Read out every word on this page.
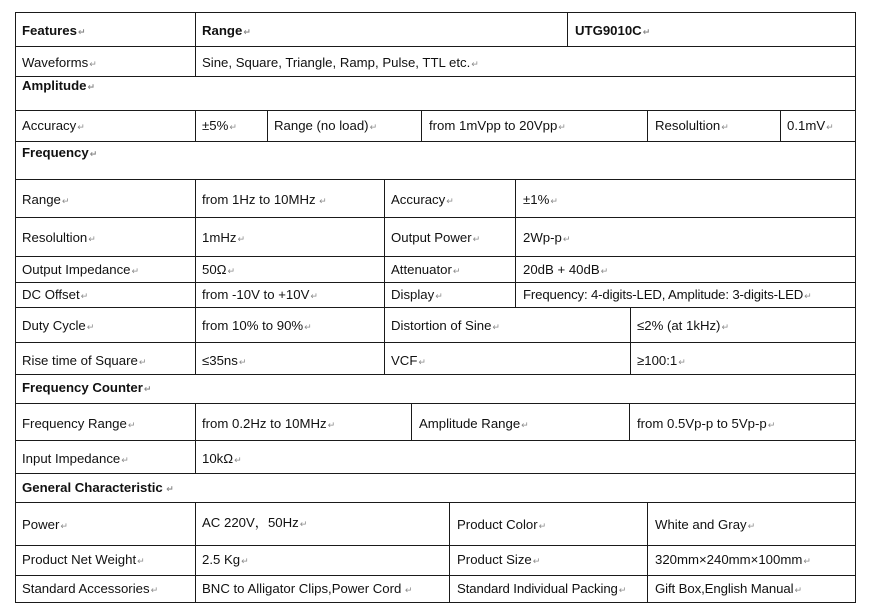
Features↵	Range↵	UTG9010C↵
Waveforms↵	Sine, Square, Triangle, Ramp, Pulse, TTL etc.↵
Amplitude↵
Accuracy↵	±5%↵	Range (no load)↵	from 1mVpp to 20Vpp↵	Resolultion↵	0.1mV↵
Frequency↵
Range↵	from 1Hz to 10MHz ↵	Accuracy↵	±1%↵
Resolultion↵	1mHz↵	Output Power↵	2Wp-p↵
Output Impedance↵	50Ω↵	Attenuator↵	20dB + 40dB↵
DC Offset↵	from -10V to +10V↵	Display↵	Frequency: 4-digits-LED, Amplitude: 3-digits-LED↵
Duty Cycle↵	from 10% to 90%↵	Distortion of Sine↵	≤2% (at 1kHz)↵
Rise time of Square↵	≤35ns↵	VCF↵	≥100:1↵
Frequency Counter↵
Frequency Range↵	from 0.2Hz to 10MHz↵	Amplitude Range↵	from 0.5Vp-p to 5Vp-p↵
Input Impedance↵	10kΩ↵
General Characteristic ↵
Power↵	AC 220V，50Hz↵	Product Color↵	White and Gray↵
Product Net Weight↵	2.5 Kg↵	Product Size↵	320mm×240mm×100mm↵
Standard Accessories↵	BNC to Alligator Clips,Power Cord ↵	Standard Individual Packing↵ Gift Box,English Manual↵
